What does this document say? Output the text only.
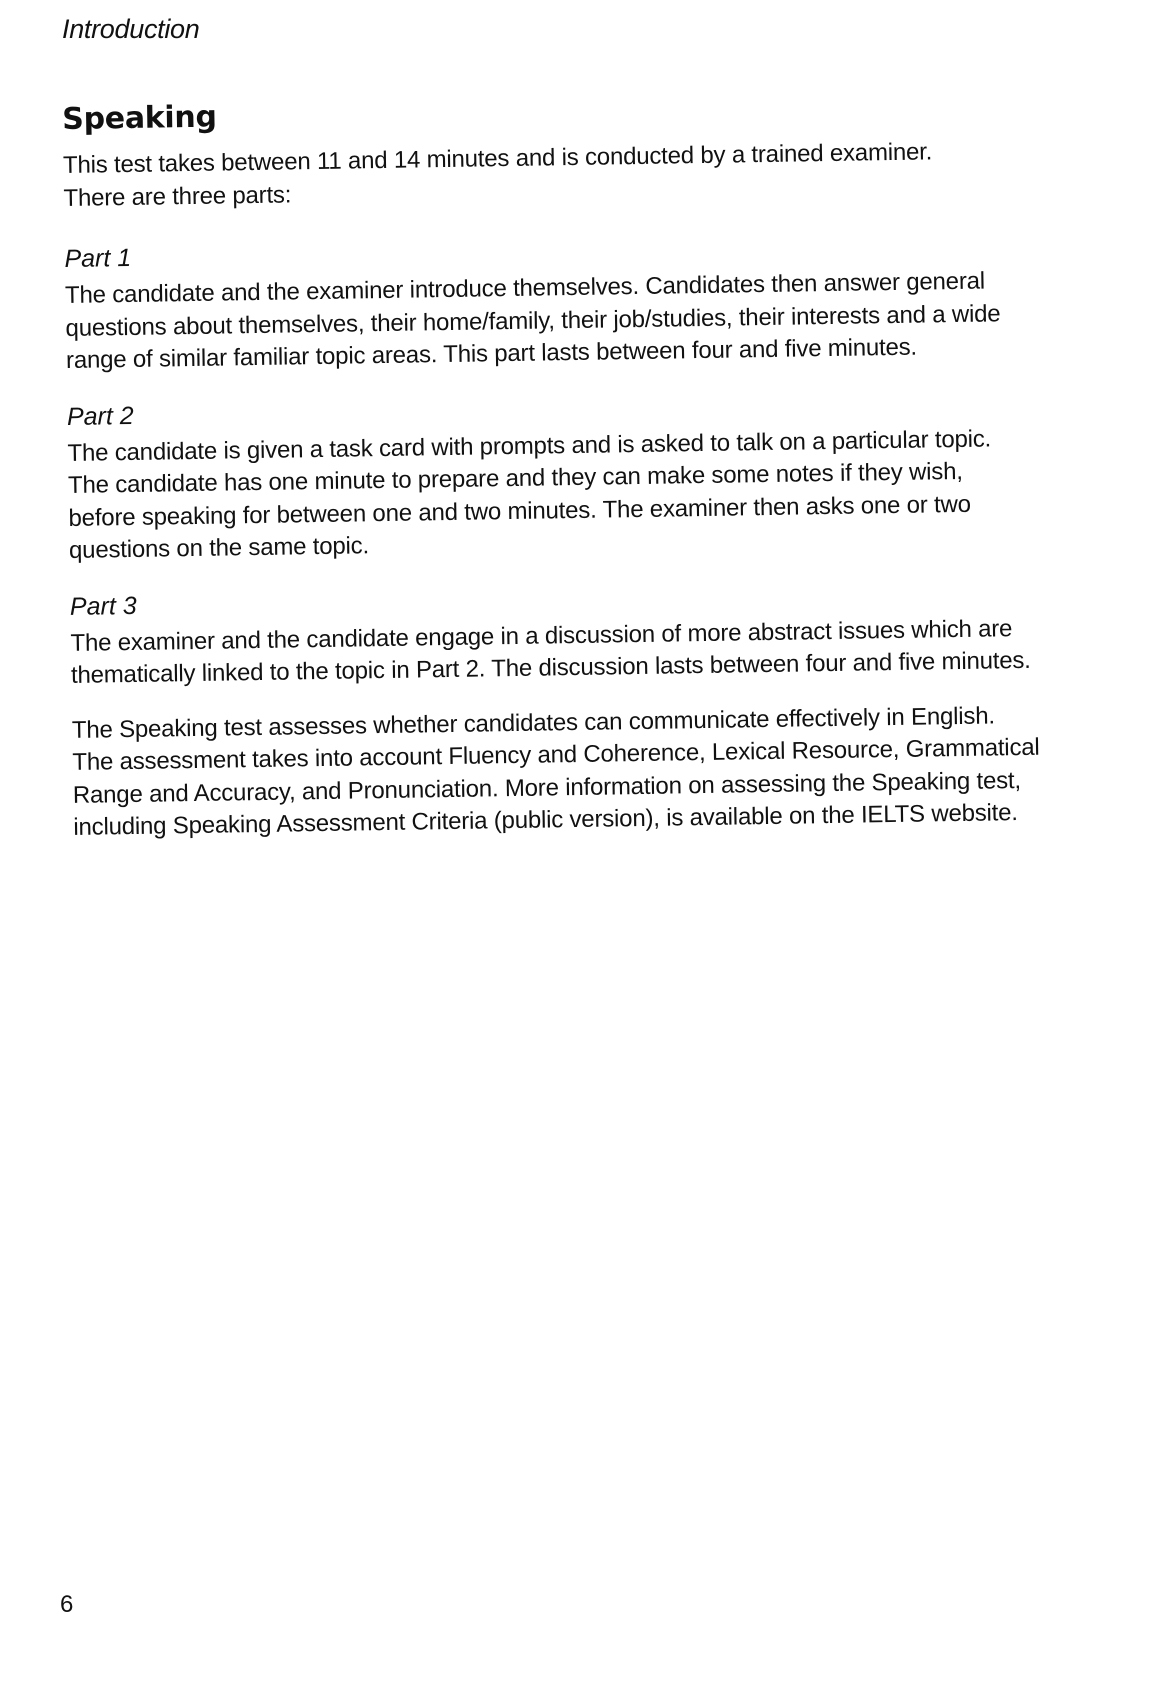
Introduction
Speaking

This test takes between 11 and 14 minutes and is conducted by a trained examiner.
There are three parts:

Part 1

The candidate and the examiner introduce themselves. Candidates then answer general
questions about themselves, their home/family, their job/studies, their interests and a wide
range of similar familiar topic areas. This part lasts between four and five minutes.

Part 2

The candidate is given a task card with prompts and is asked to talk on a particular topic.
The candidate has one minute to prepare and they can make some notes if they wish,
before speaking for between one and two minutes. The examiner then asks one or two
questions on the same topic.

Part 3

The examiner and the candidate engage in a discussion of more abstract issues which are
thematically linked to the topic in Part 2. The discussion lasts between four and five minutes.

The Speaking test assesses whether candidates can communicate effectively in English.
The assessment takes into account Fluency and Coherence, Lexical Resource, Grammatical
Range and Accuracy, and Pronunciation. More information on assessing the Speaking test,
including Speaking Assessment Criteria (public version), is available on the IELTS website.

6
